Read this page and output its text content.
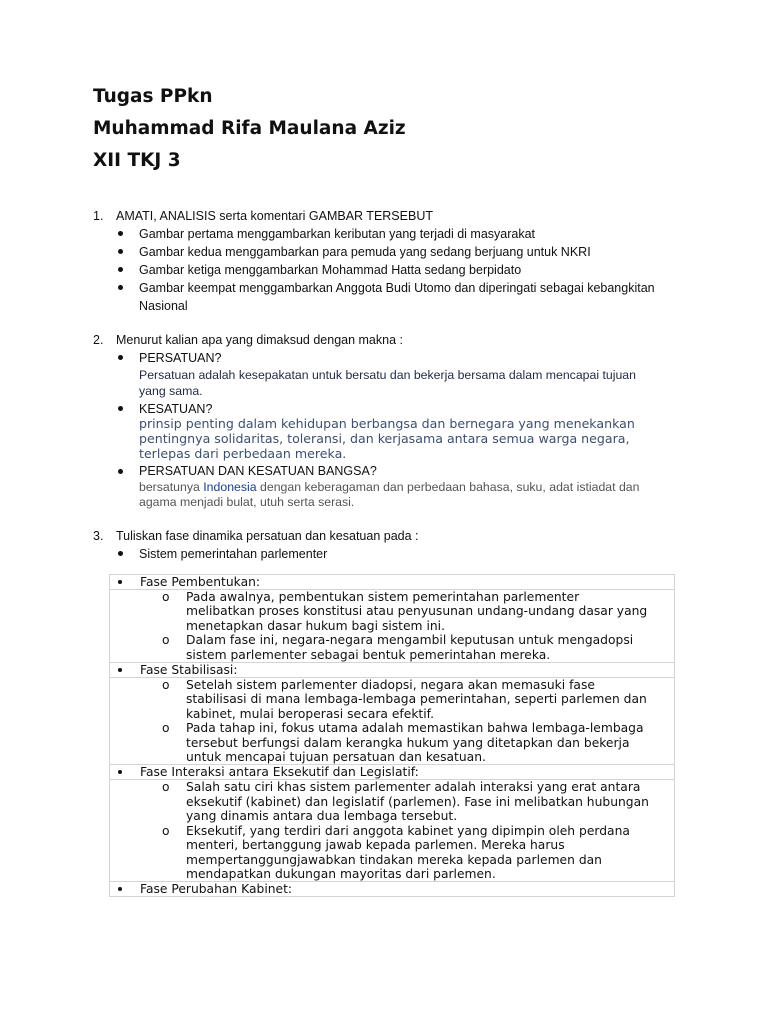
Tugas PPkn
Muhammad Rifa Maulana Aziz
XII TKJ 3
1. AMATI, ANALISIS serta komentari GAMBAR TERSEBUT
Gambar pertama menggambarkan keributan yang terjadi di masyarakat
Gambar kedua menggambarkan para pemuda yang sedang berjuang untuk NKRI
Gambar ketiga menggambarkan Mohammad Hatta sedang berpidato
Gambar keempat menggambarkan Anggota Budi Utomo dan diperingati sebagai kebangkitan
Nasional
2. Menurut kalian apa yang dimaksud dengan makna :
PERSATUAN?
Persatuan adalah kesepakatan untuk bersatu dan bekerja bersama dalam mencapai tujuan
yang sama.
KESATUAN?
prinsip penting dalam kehidupan berbangsa dan bernegara yang menekankan
pentingnya solidaritas, toleransi, dan kerjasama antara semua warga negara,
terlepas dari perbedaan mereka.
PERSATUAN DAN KESATUAN BANGSA?
bersatunya Indonesia dengan keberagaman dan perbedaan bahasa, suku, adat istiadat dan
agama menjadi bulat, utuh serta serasi.
3. Tuliskan fase dinamika persatuan dan kesatuan pada :
Sistem pemerintahan parlementer
Fase Pembentukan:
o Pada awalnya, pembentukan sistem pemerintahan parlementer
melibatkan proses konstitusi atau penyusunan undang-undang dasar yang
menetapkan dasar hukum bagi sistem ini.
o Dalam fase ini, negara-negara mengambil keputusan untuk mengadopsi
sistem parlementer sebagai bentuk pemerintahan mereka.
Fase Stabilisasi:
o Setelah sistem parlementer diadopsi, negara akan memasuki fase
stabilisasi di mana lembaga-lembaga pemerintahan, seperti parlemen dan
kabinet, mulai beroperasi secara efektif.
o Pada tahap ini, fokus utama adalah memastikan bahwa lembaga-lembaga
tersebut berfungsi dalam kerangka hukum yang ditetapkan dan bekerja
untuk mencapai tujuan persatuan dan kesatuan.
Fase Interaksi antara Eksekutif dan Legislatif:
o Salah satu ciri khas sistem parlementer adalah interaksi yang erat antara
eksekutif (kabinet) dan legislatif (parlemen). Fase ini melibatkan hubungan
yang dinamis antara dua lembaga tersebut.
o Eksekutif, yang terdiri dari anggota kabinet yang dipimpin oleh perdana
menteri, bertanggung jawab kepada parlemen. Mereka harus
mempertanggungjawabkan tindakan mereka kepada parlemen dan
mendapatkan dukungan mayoritas dari parlemen.
Fase Perubahan Kabinet:
